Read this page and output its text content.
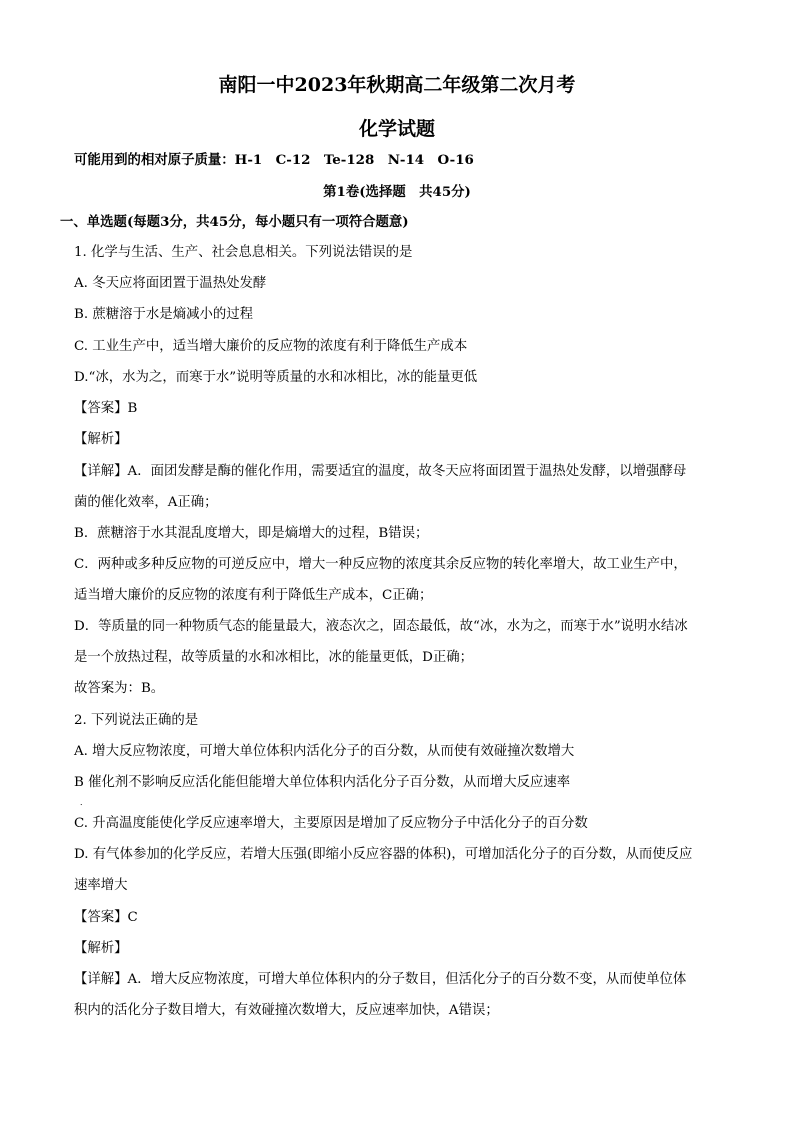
南阳一中2023年秋期高二年级第二次月考
化学试题
可能用到的相对原子质量：H-1　C-12　Te-128　N-14　O-16
第1卷(选择题　共45分)
一、单选题(每题3分，共45分，每小题只有一项符合题意)
1. 化学与生活、生产、社会息息相关。下列说法错误的是
A. 冬天应将面团置于温热处发酵
B. 蔗糖溶于水是熵减小的过程
C. 工业生产中，适当增大廉价的反应物的浓度有利于降低生产成本
D.“冰，水为之，而寒于水”说明等质量的水和冰相比，冰的能量更低
【答案】B
【解析】
【详解】A．面团发酵是酶的催化作用，需要适宜的温度，故冬天应将面团置于温热处发酵，以增强酵母
菌的催化效率，A正确；
B．蔗糖溶于水其混乱度增大，即是熵增大的过程，B错误；
C．两种或多种反应物的可逆反应中，增大一种反应物的浓度其余反应物的转化率增大，故工业生产中，
适当增大廉价的反应物的浓度有利于降低生产成本，C正确；
D．等质量的同一种物质气态的能量最大，液态次之，固态最低，故“冰，水为之，而寒于水”说明水结冰
是一个放热过程，故等质量的水和冰相比，冰的能量更低，D正确；
故答案为：B。
2. 下列说法正确的是
A. 增大反应物浓度，可增大单位体积内活化分子的百分数，从而使有效碰撞次数增大
B 催化剂不影响反应活化能但能增大单位体积内活化分子百分数，从而增大反应速率
．
C. 升高温度能使化学反应速率增大，主要原因是增加了反应物分子中活化分子的百分数
D. 有气体参加的化学反应，若增大压强(即缩小反应容器的体积)，可增加活化分子的百分数，从而使反应
速率增大
【答案】C
【解析】
【详解】A．增大反应物浓度，可增大单位体积内的分子数目，但活化分子的百分数不变，从而使单位体
积内的活化分子数目增大，有效碰撞次数增大，反应速率加快，A错误；
